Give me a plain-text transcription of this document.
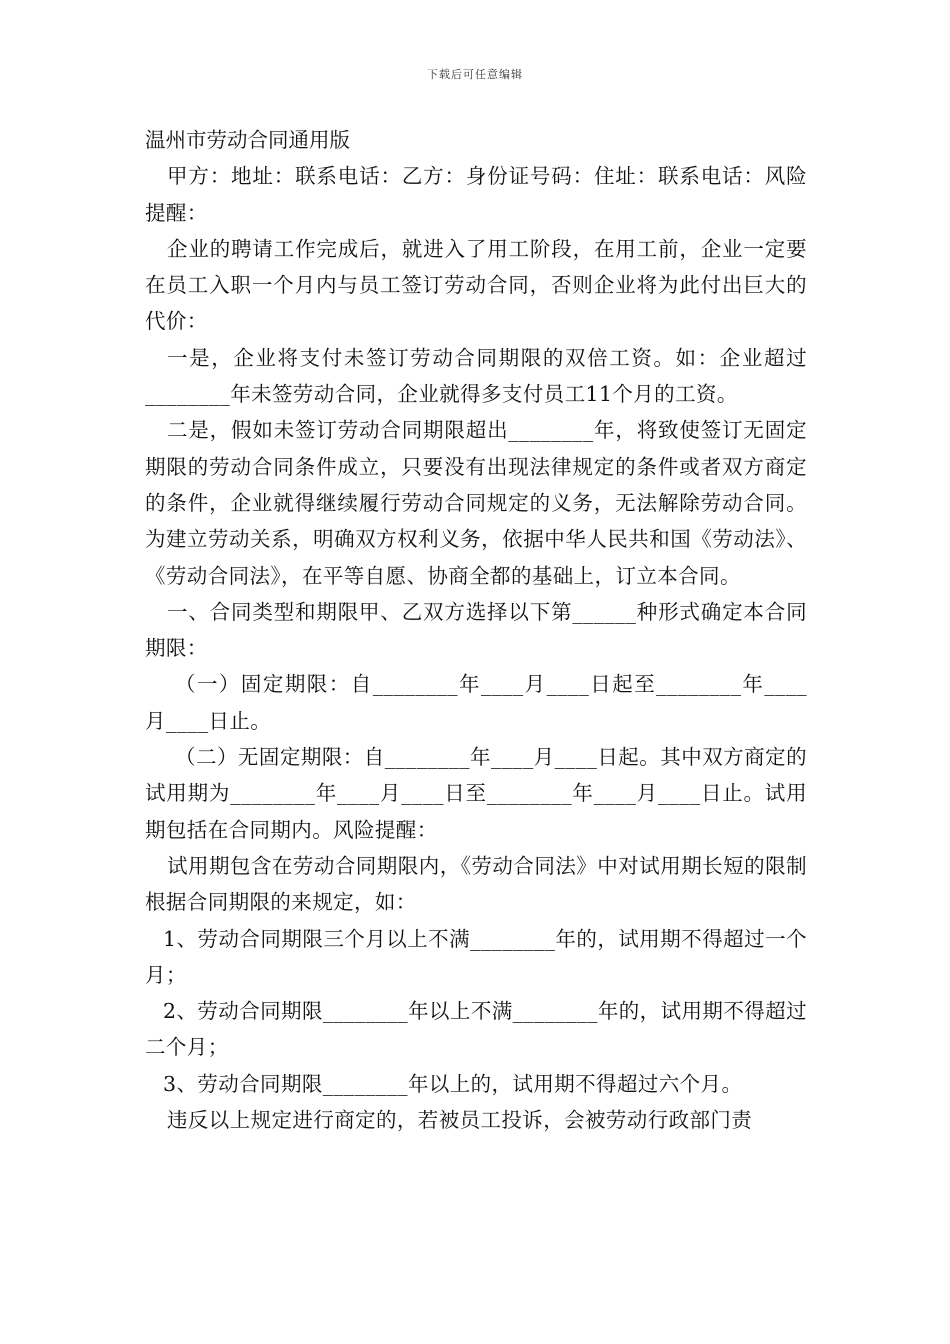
下载后可任意编辑

温州市劳动合同通用版

甲方：地址：联系电话：乙方：身份证号码：住址：联系电话：风险提醒：

企业的聘请工作完成后，就进入了用工阶段，在用工前，企业一定要在员工入职一个月内与员工签订劳动合同，否则企业将为此付出巨大的代价：

一是，企业将支付未签订劳动合同期限的双倍工资。如：企业超过________年未签劳动合同，企业就得多支付员工11个月的工资。

二是，假如未签订劳动合同期限超出________年，将致使签订无固定期限的劳动合同条件成立，只要没有出现法律规定的条件或者双方商定的条件，企业就得继续履行劳动合同规定的义务，无法解除劳动合同。 为建立劳动关系，明确双方权利义务，依据中华人民共和国《劳动法》、《劳动合同法》，在平等自愿、协商全都的基础上，订立本合同。

一、合同类型和期限甲、乙双方选择以下第______种形式确定本合同期限：

（一）固定期限：自________年____月____日起至________年____月____日止。

（二）无固定期限：自________年____月____日起。其中双方商定的试用期为________年____月____日至________年____月____日止。试用期包括在合同期内。风险提醒：

试用期包含在劳动合同期限内，《劳动合同法》中对试用期长短的限制根据合同期限的来规定，如：

1、劳动合同期限三个月以上不满________年的，试用期不得超过一个月；

2、劳动合同期限________年以上不满________年的，试用期不得超过二个月；

3、劳动合同期限________年以上的，试用期不得超过六个月。

违反以上规定进行商定的，若被员工投诉，会被劳动行政部门责
